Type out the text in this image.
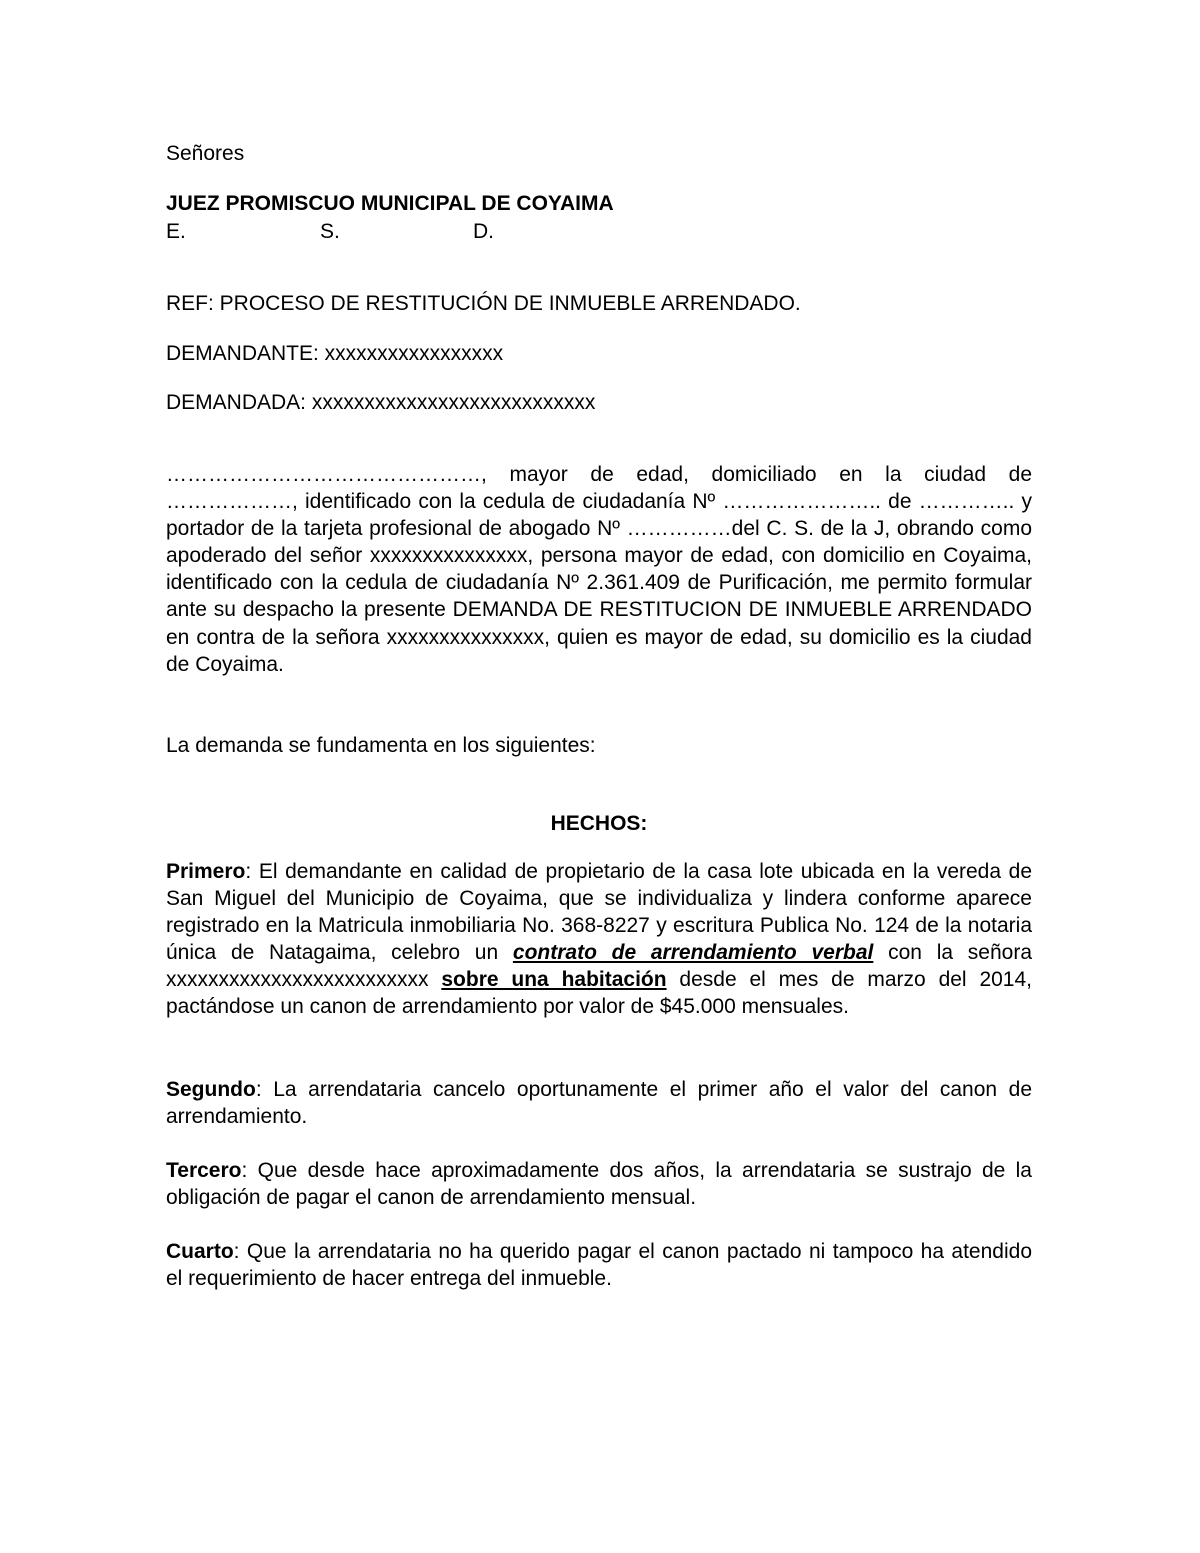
Señores
JUEZ PROMISCUO MUNICIPAL DE COYAIMA
E.	S.	D.
REF: PROCESO DE RESTITUCIÓN DE INMUEBLE ARRENDADO.
DEMANDANTE: xxxxxxxxxxxxxxxxx
DEMANDADA: xxxxxxxxxxxxxxxxxxxxxxxxxxx

………………………………………, mayor de edad, domiciliado en la ciudad de ………………, identificado con la cedula de ciudadanía Nº ………………….. de ………….. y portador de la tarjeta profesional de abogado Nº ……………del C. S. de la J, obrando como apoderado del señor xxxxxxxxxxxxxxx, persona mayor de edad, con domicilio en Coyaima, identificado con la cedula de ciudadanía Nº 2.361.409 de Purificación, me permito formular ante su despacho la presente DEMANDA DE RESTITUCION DE INMUEBLE ARRENDADO en contra de la señora xxxxxxxxxxxxxxx, quien es mayor de edad, su domicilio es la ciudad de Coyaima.

La demanda se fundamenta en los siguientes:
HECHOS:

Primero: El demandante en calidad de propietario de la casa lote ubicada en la vereda de San Miguel del Municipio de Coyaima, que se individualiza y lindera conforme aparece registrado en la Matricula inmobiliaria No. 368-8227 y escritura Publica No. 124 de la notaria única de Natagaima, celebro un contrato de arrendamiento verbal con la señora xxxxxxxxxxxxxxxxxxxxxxxxx sobre una habitación desde el mes de marzo del 2014, pactándose un canon de arrendamiento por valor de $45.000 mensuales.

Segundo: La arrendataria cancelo oportunamente el primer año el valor del canon de arrendamiento.

Tercero: Que desde hace aproximadamente dos años, la arrendataria se sustrajo de la obligación de pagar el canon de arrendamiento mensual.

Cuarto: Que la arrendataria no ha querido pagar el canon pactado ni tampoco ha atendido el requerimiento de hacer entrega del inmueble.
